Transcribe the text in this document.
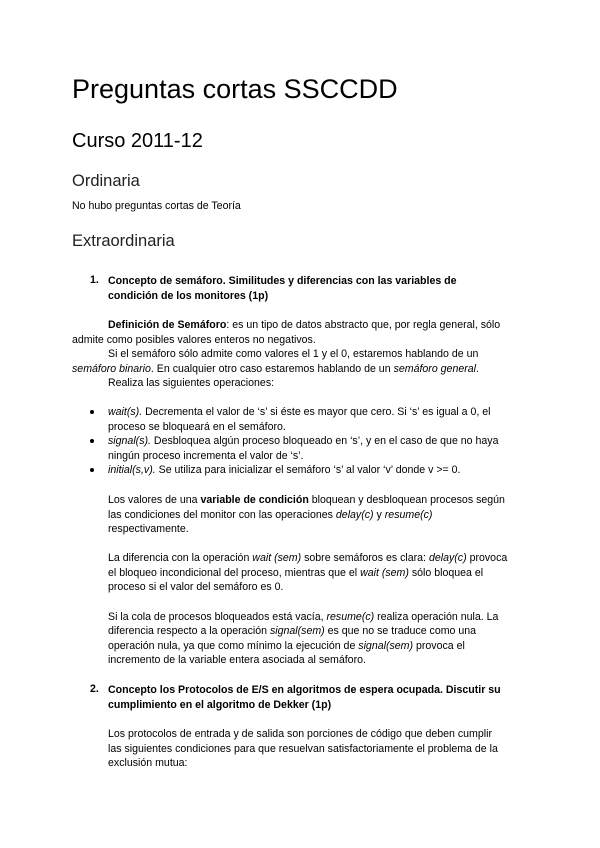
Preguntas cortas SSCCDD
Curso 2011-12
Ordinaria
No hubo preguntas cortas de Teoría
Extraordinaria
1. Concepto de semáforo. Similitudes y diferencias con las variables de
condición de los monitores (1p)
Definición de Semáforo: es un tipo de datos abstracto que, por regla general, sólo
admite como posibles valores enteros no negativos.
Si el semáforo sólo admite como valores el 1 y el 0, estaremos hablando de un
semáforo binario. En cualquier otro caso estaremos hablando de un semáforo general.
Realiza las siguientes operaciones:
wait(s). Decrementa el valor de ‘s’ si éste es mayor que cero. Si ‘s’ es igual a 0, el
proceso se bloqueará en el semáforo.
signal(s). Desbloquea algún proceso bloqueado en ‘s’, y en el caso de que no haya
ningún proceso incrementa el valor de ‘s’.
initial(s,v). Se utiliza para inicializar el semáforo ‘s’ al valor ‘v’ donde v >= 0.
Los valores de una variable de condición bloquean y desbloquean procesos según
las condiciones del monitor con las operaciones delay(c) y resume(c)
respectivamente.
La diferencia con la operación wait (sem) sobre semáforos es clara: delay(c) provoca
el bloqueo incondicional del proceso, mientras que el wait (sem) sólo bloquea el
proceso si el valor del semáforo es 0.
Si la cola de procesos bloqueados está vacía, resume(c) realiza operación nula. La
diferencia respecto a la operación signal(sem) es que no se traduce como una
operación nula, ya que como mínimo la ejecución de signal(sem) provoca el
incremento de la variable entera asociada al semáforo.
2. Concepto los Protocolos de E/S en algoritmos de espera ocupada. Discutir su
cumplimiento en el algoritmo de Dekker (1p)
Los protocolos de entrada y de salida son porciones de código que deben cumplir
las siguientes condiciones para que resuelvan satisfactoriamente el problema de la
exclusión mutua:
